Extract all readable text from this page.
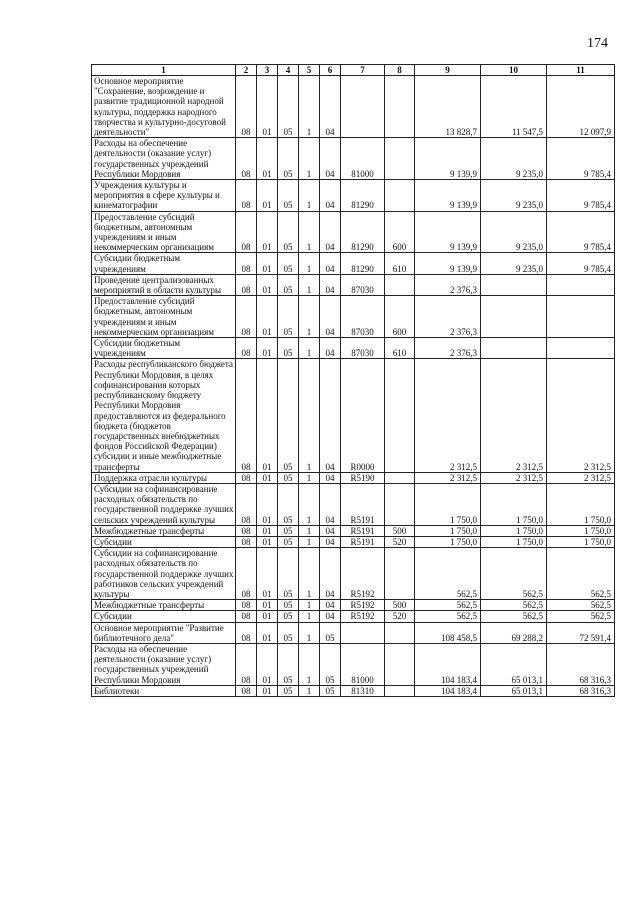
174
1	2	3	4	5	6	7	8	9	10	11
Основное мероприятие "Сохранение, возрождение и развитие традиционной народной культуры, поддержка народного творчества и культурно-досуговой деятельности"	08	01	05	1	04			13 828,7	11 547,5	12 097,9
Расходы на обеспечение деятельности (оказание услуг) государственных учреждений Республики Мордовия	08	01	05	1	04	81000		9 139,9	9 235,0	9 785,4
Учреждения культуры и мероприятия в сфере культуры и кинематографии	08	01	05	1	04	81290		9 139,9	9 235,0	9 785,4
Предоставление субсидий бюджетным, автономным учреждениям и иным некоммерческим организациям	08	01	05	1	04	81290	600	9 139,9	9 235,0	9 785,4
Субсидии бюджетным учреждениям	08	01	05	1	04	81290	610	9 139,9	9 235,0	9 785,4
Проведение централизованных мероприятий в области культуры	08	01	05	1	04	87030		2 376,3		
Предоставление субсидий бюджетным, автономным учреждениям и иным некоммерческим организациям	08	01	05	1	04	87030	600	2 376,3		
Субсидии бюджетным учреждениям	08	01	05	1	04	87030	610	2 376,3		
Расходы республиканского бюджета Республики Мордовия, в целях софинансирования которых республиканскому бюджету Республики Мордовия предоставляются из федерального бюджета (бюджетов государственных внебюджетных фондов Российской Федерации) субсидии и иные межбюджетные трансферты	08	01	05	1	04	R0000		2 312,5	2 312,5	2 312,5
Поддержка отрасли культуры	08	01	05	1	04	R5190		2 312,5	2 312,5	2 312,5
Субсидии на софинансирование расходных обязательств по государственной поддержке лучших сельских учреждений культуры	08	01	05	1	04	R5191		1 750,0	1 750,0	1 750,0
Межбюджетные трансферты	08	01	05	1	04	R5191	500	1 750,0	1 750,0	1 750,0
Субсидии	08	01	05	1	04	R5191	520	1 750,0	1 750,0	1 750,0
Субсидии на софинансирование расходных обязательств по государственной поддержке лучших работников сельских учреждений культуры	08	01	05	1	04	R5192		562,5	562,5	562,5
Межбюджетные трансферты	08	01	05	1	04	R5192	500	562,5	562,5	562,5
Субсидии	08	01	05	1	04	R5192	520	562,5	562,5	562,5
Основное мероприятие "Развитие библиотечного дела"	08	01	05	1	05			108 458,5	69 288,2	72 591,4
Расходы на обеспечение деятельности (оказание услуг) государственных учреждений Республики Мордовия	08	01	05	1	05	81000		104 183,4	65 013,1	68 316,3
Библиотеки	08	01	05	1	05	81310		104 183,4	65 013,1	68 316,3
